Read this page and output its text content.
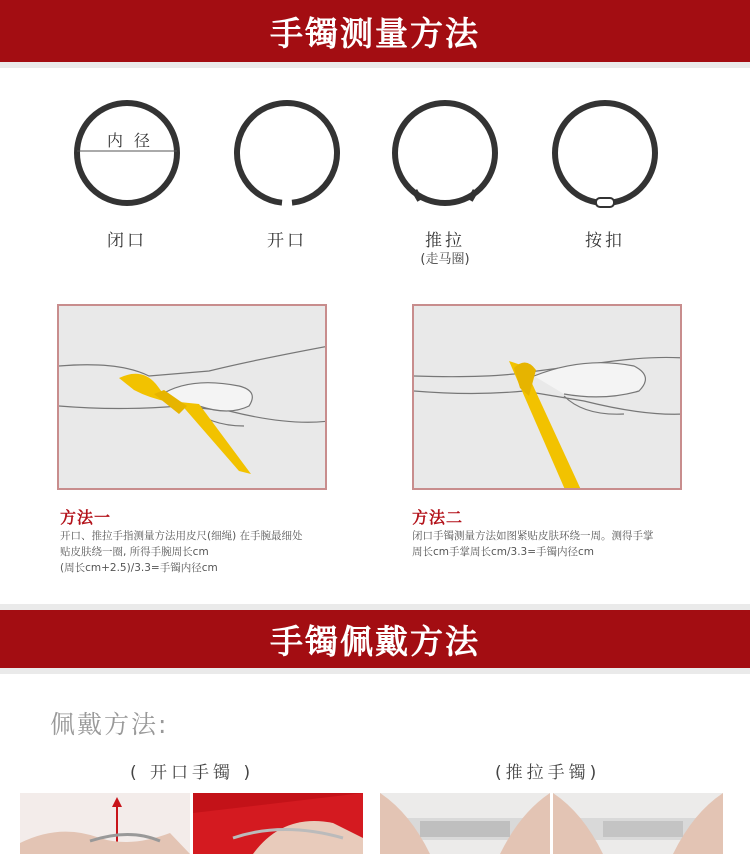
手镯测量方法
内 径
闭口	开口	推拉
(走马圈)
按扣
方法一
开口、推拉手指测量方法用皮尺(细绳) 在手腕最细处
贴皮肤绕一圈, 所得手腕周长cm
(周长cm+2.5)/3.3=手镯内径cm
方法二
闭口手镯测量方法如图紧贴皮肤环绕一周。测得手掌
周长cm手掌周长cm/3.3=手镯内径cm
手镯佩戴方法
佩戴方法:
( 开口手镯 )	(推拉手镯)
